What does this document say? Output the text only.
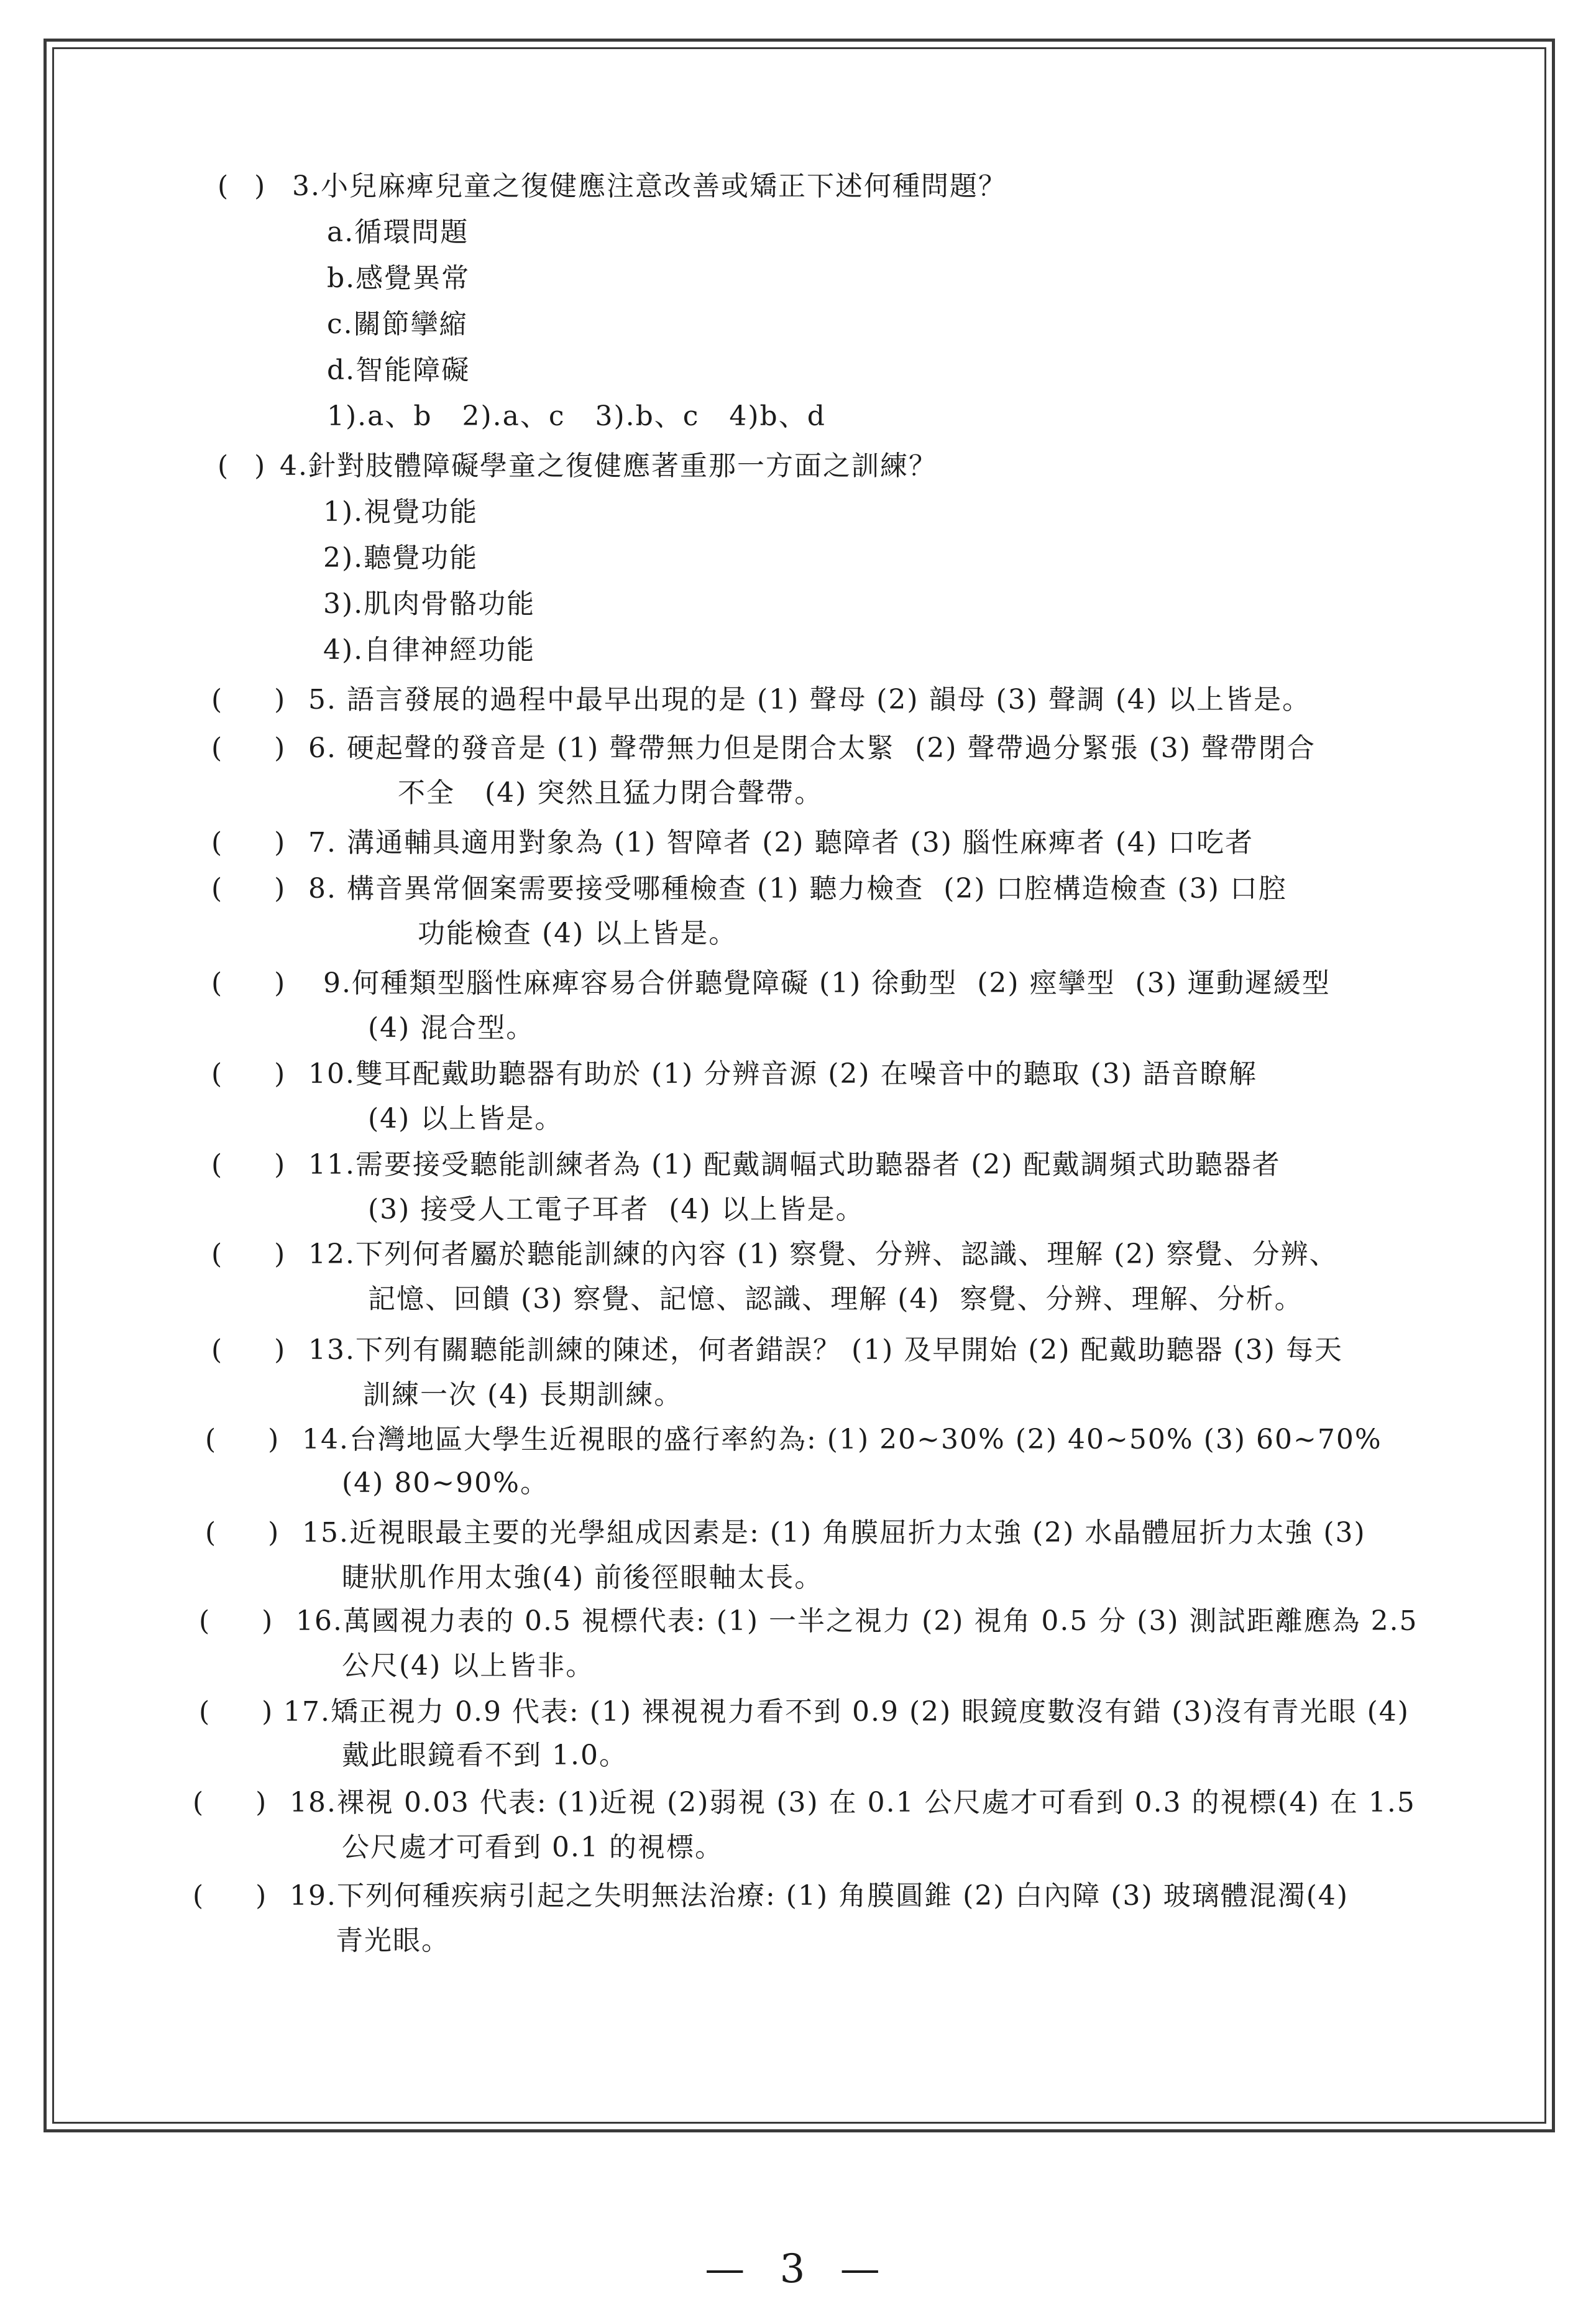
(   ) 3.小兒麻痺兒童之復健應注意改善或矯正下述何種問題？
a.循環問題
b.感覺異常
c.關節攣縮
d.智能障礙
1).a、b   2).a、c   3).b、c   4)b、d
(   ) 4.針對肢體障礙學童之復健應著重那一方面之訓練？
1).視覺功能
2).聽覺功能
3).肌肉骨骼功能
4).自律神經功能
(      ) 5. 語言發展的過程中最早出現的是 (1) 聲母 (2) 韻母 (3) 聲調 (4) 以上皆是。
(      ) 6. 硬起聲的發音是 (1) 聲帶無力但是閉合太緊  (2) 聲帶過分緊張 (3) 聲帶閉合
不全   (4) 突然且猛力閉合聲帶。
(      ) 7. 溝通輔具適用對象為 (1) 智障者 (2) 聽障者 (3) 腦性麻痺者 (4) 口吃者
(      ) 8. 構音異常個案需要接受哪種檢查 (1) 聽力檢查  (2) 口腔構造檢查 (3) 口腔
功能檢查 (4) 以上皆是。
(      ) 9.何種類型腦性麻痺容易合併聽覺障礙 (1) 徐動型  (2) 痙攣型  (3) 運動遲緩型
(4) 混合型。
(      ) 10.雙耳配戴助聽器有助於 (1) 分辨音源 (2) 在噪音中的聽取 (3) 語音瞭解
(4) 以上皆是。
(      ) 11.需要接受聽能訓練者為 (1) 配戴調幅式助聽器者 (2) 配戴調頻式助聽器者
(3) 接受人工電子耳者  (4) 以上皆是。
(      ) 12.下列何者屬於聽能訓練的內容 (1) 察覺、分辨、認識、理解 (2) 察覺、分辨、
記憶、回饋 (3) 察覺、記憶、認識、理解 (4)  察覺、分辨、理解、分析。
(      ) 13.下列有關聽能訓練的陳述，何者錯誤？ (1) 及早開始 (2) 配戴助聽器 (3) 每天
訓練一次 (4) 長期訓練。
(      ) 14.台灣地區大學生近視眼的盛行率約為: (1) 20~30% (2) 40~50% (3) 60~70%
(4) 80~90%。
(      ) 15.近視眼最主要的光學組成因素是: (1) 角膜屈折力太強 (2) 水晶體屈折力太強 (3)
睫狀肌作用太強(4) 前後徑眼軸太長。
(      ) 16.萬國視力表的 0.5 視標代表: (1) 一半之視力 (2) 視角 0.5 分 (3) 測試距離應為 2.5
公尺(4) 以上皆非。
(      ) 17.矯正視力 0.9 代表: (1) 裸視視力看不到 0.9 (2) 眼鏡度數沒有錯 (3)沒有青光眼 (4)
戴此眼鏡看不到 1.0。
(      ) 18.裸視 0.03 代表: (1)近視 (2)弱視 (3) 在 0.1 公尺處才可看到 0.3 的視標(4) 在 1.5
公尺處才可看到 0.1 的視標。
(      ) 19.下列何種疾病引起之失明無法治療: (1) 角膜圓錐 (2) 白內障 (3) 玻璃體混濁(4)
青光眼。
— 3 —
